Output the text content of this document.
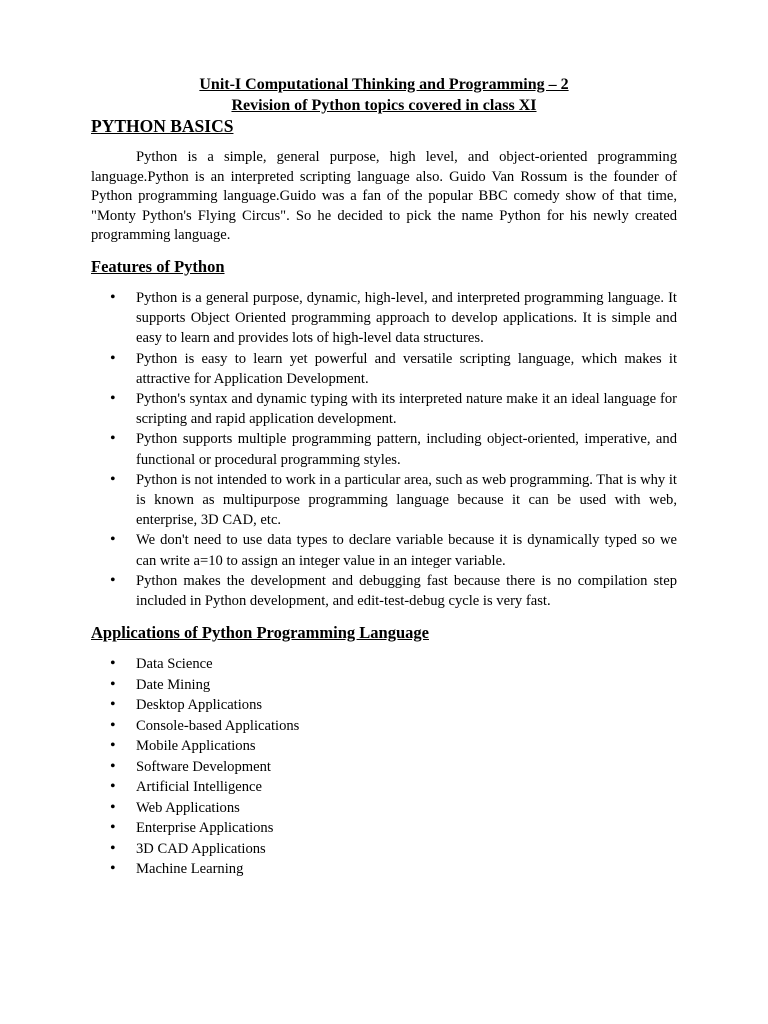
Unit-I Computational Thinking and Programming – 2

Revision of Python topics covered in class XI

PYTHON BASICS

Python is a simple, general purpose, high level, and object-oriented programming language.Python is an interpreted scripting language also. Guido Van Rossum is the founder of Python programming language.Guido was a fan of the popular BBC comedy show of that time, "Monty Python's Flying Circus". So he decided to pick the name Python for his newly created programming language.

Features of Python

• Python is a general purpose, dynamic, high-level, and interpreted programming language. It supports Object Oriented programming approach to develop applications. It is simple and easy to learn and provides lots of high-level data structures.
• Python is easy to learn yet powerful and versatile scripting language, which makes it attractive for Application Development.
• Python's syntax and dynamic typing with its interpreted nature make it an ideal language for scripting and rapid application development.
• Python supports multiple programming pattern, including object-oriented, imperative, and functional or procedural programming styles.
• Python is not intended to work in a particular area, such as web programming. That is why it is known as multipurpose programming language because it can be used with web, enterprise, 3D CAD, etc.
• We don't need to use data types to declare variable because it is dynamically typed so we can write a=10 to assign an integer value in an integer variable.
• Python makes the development and debugging fast because there is no compilation step included in Python development, and edit-test-debug cycle is very fast.

Applications of Python Programming Language

• Data Science
• Date Mining
• Desktop Applications
• Console-based Applications
• Mobile Applications
• Software Development
• Artificial Intelligence
• Web Applications
• Enterprise Applications
• 3D CAD Applications
• Machine Learning
